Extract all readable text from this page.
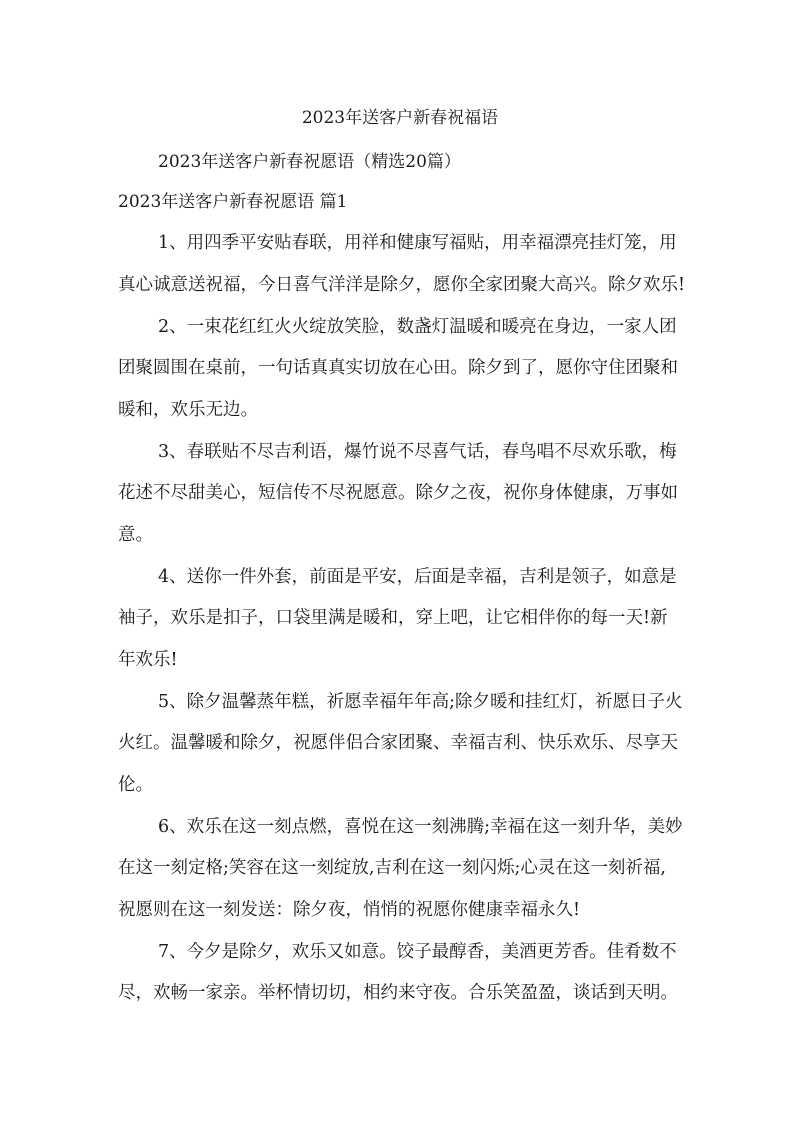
2023年送客户新春祝福语
2023年送客户新春祝愿语（精选20篇）
2023年送客户新春祝愿语 篇1
1、用四季平安贴春联，用祥和健康写福贴，用幸福漂亮挂灯笼，用
真心诚意送祝福，今日喜气洋洋是除夕，愿你全家团聚大高兴。除夕欢乐!
2、一束花红红火火绽放笑脸，数盏灯温暖和暖亮在身边，一家人团
团聚圆围在桌前，一句话真真实切放在心田。除夕到了，愿你守住团聚和
暖和，欢乐无边。
3、春联贴不尽吉利语，爆竹说不尽喜气话，春鸟唱不尽欢乐歌，梅
花述不尽甜美心，短信传不尽祝愿意。除夕之夜，祝你身体健康，万事如
意。
4、送你一件外套，前面是平安，后面是幸福，吉利是领子，如意是
袖子，欢乐是扣子，口袋里满是暖和，穿上吧，让它相伴你的每一天!新
年欢乐!
5、除夕温馨蒸年糕，祈愿幸福年年高;除夕暖和挂红灯，祈愿日子火
火红。温馨暖和除夕，祝愿伴侣合家团聚、幸福吉利、快乐欢乐、尽享天
伦。
6、欢乐在这一刻点燃，喜悦在这一刻沸腾;幸福在这一刻升华，美妙
在这一刻定格;笑容在这一刻绽放,吉利在这一刻闪烁;心灵在这一刻祈福,
祝愿则在这一刻发送：除夕夜，悄悄的祝愿你健康幸福永久!
7、今夕是除夕，欢乐又如意。饺子最醇香，美酒更芳香。佳肴数不
尽，欢畅一家亲。举杯情切切，相约来守夜。合乐笑盈盈，谈话到天明。
